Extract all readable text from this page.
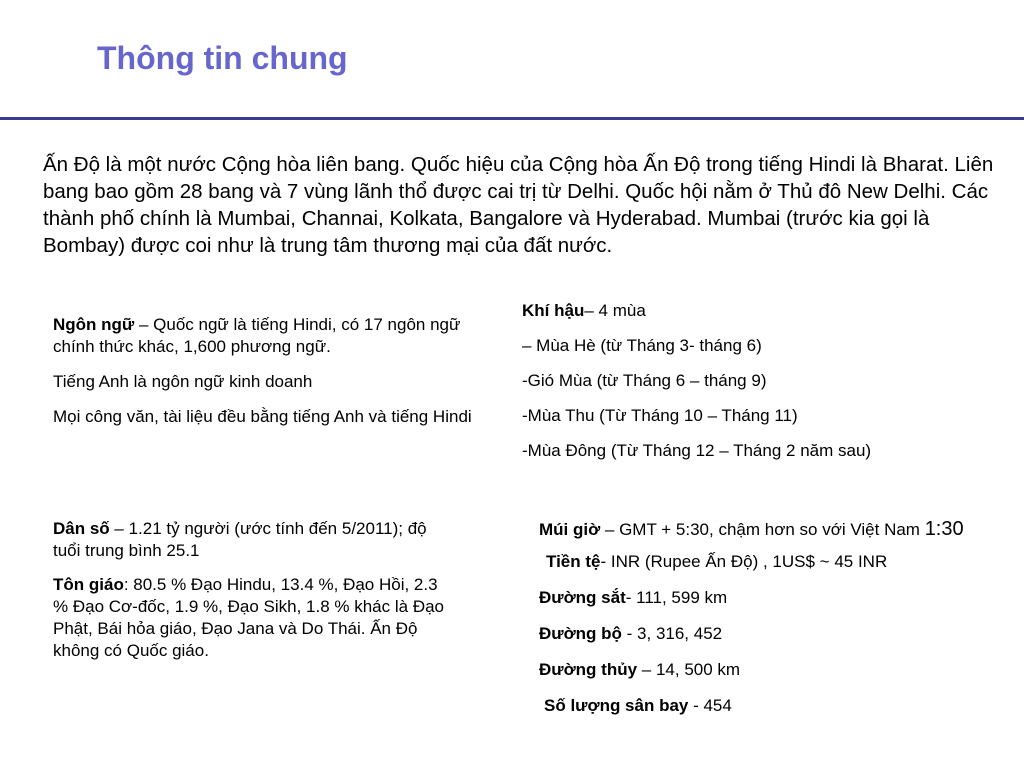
Thông tin chung

Ấn Độ là một nước Cộng hòa liên bang. Quốc hiệu của Cộng hòa Ấn Độ trong tiếng Hindi là Bharat. Liên bang bao gồm 28 bang và 7 vùng lãnh thổ được cai trị từ Delhi. Quốc hội nằm ở Thủ đô New Delhi. Các thành phố chính là Mumbai, Channai, Kolkata, Bangalore và Hyderabad. Mumbai (trước kia gọi là Bombay) được coi như là trung tâm thương mại của đất nước.

Ngôn ngữ – Quốc ngữ là tiếng Hindi, có 17 ngôn ngữ chính thức khác, 1,600 phương ngữ.

Tiếng Anh là ngôn ngữ kinh doanh

Mọi công văn, tài liệu đều bằng tiếng Anh và tiếng Hindi

Khí hậu– 4 mùa

– Mùa Hè (từ Tháng 3- tháng 6)

-Gió Mùa (từ Tháng 6 – tháng 9)

-Mùa Thu (Từ Tháng 10 – Tháng 11)

-Mùa Đông (Từ Tháng 12 – Tháng 2 năm sau)

Dân số – 1.21 tỷ người (ước tính đến 5/2011); độ tuổi trung bình 25.1

Tôn giáo: 80.5 % Đạo Hindu, 13.4 %, Đạo Hồi, 2.3 % Đạo Cơ-đốc, 1.9 %, Đạo Sikh, 1.8 % khác là Đạo Phật, Bái hỏa giáo, Đạo Jana và Do Thái. Ấn Độ không có Quốc giáo.

Múi giờ – GMT + 5:30, chậm hơn so với Việt Nam 1:30

Tiền tệ- INR (Rupee Ấn Độ) , 1US$ ~ 45 INR

Đường sắt- 111, 599 km

Đường bộ - 3, 316, 452

Đường thủy – 14, 500 km

Số lượng sân bay - 454
